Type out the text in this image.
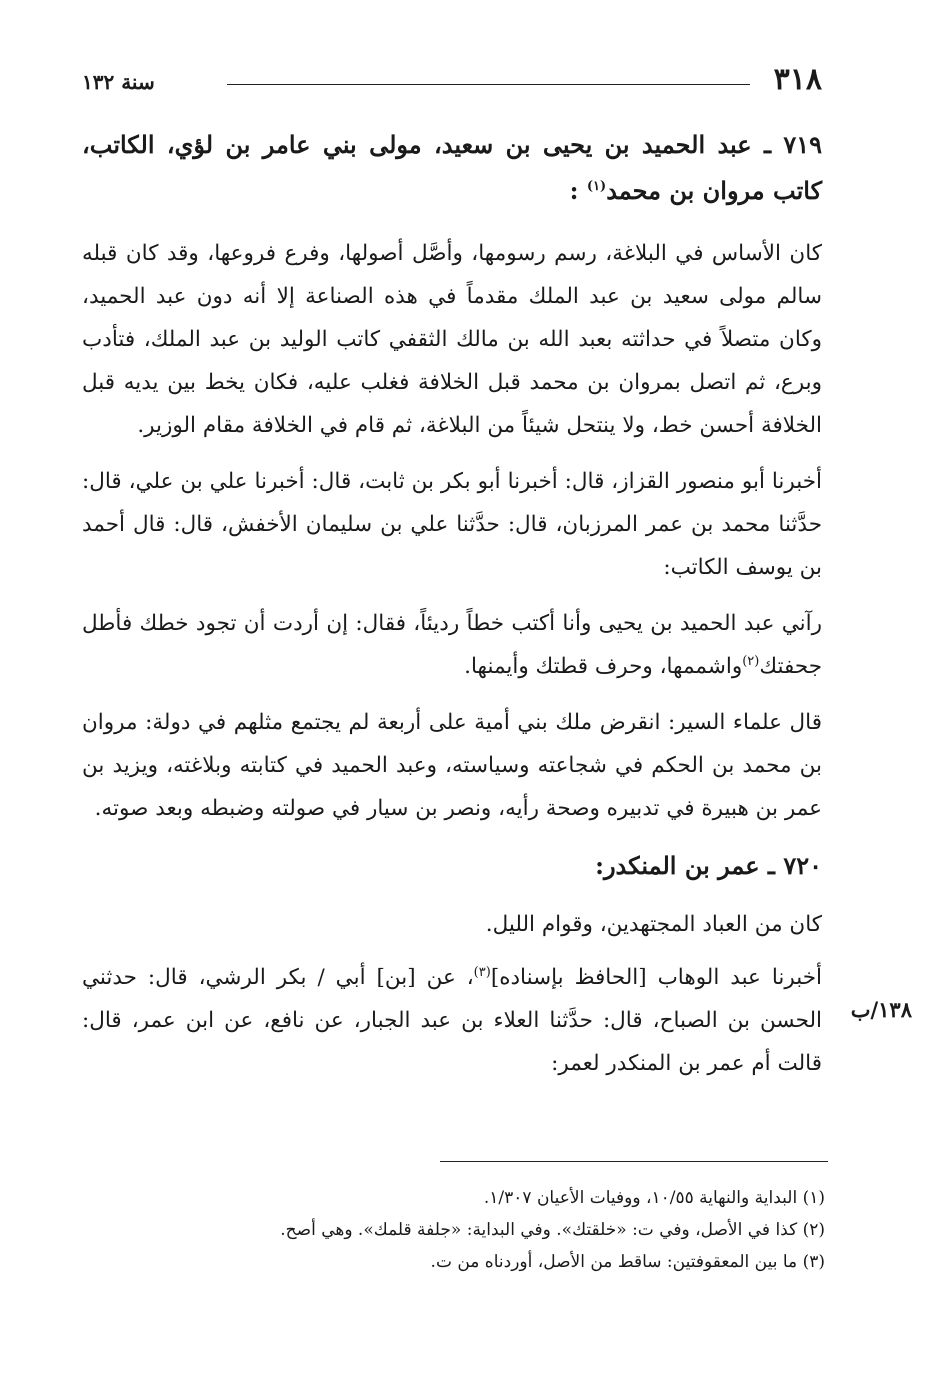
٣١٨
سنة ١٣٢

٧١٩ ـ عبد الحميد بن يحيى بن سعيد، مولى بني عامر بن لؤي، الكاتب، كاتب مروان بن محمد$^{(١)}$ :

كان الأساس في البلاغة، رسم رسومها، وأصَّل أصولها، وفرع فروعها، وقد كان قبله سالم مولى سعيد بن عبد الملك مقدماً في هذه الصناعة إلا أنه دون عبد الحميد، وكان متصلاً في حداثته بعبد الله بن مالك الثقفي كاتب الوليد بن عبد الملك، فتأدب وبرع، ثم اتصل بمروان بن محمد قبل الخلافة فغلب عليه، فكان يخط بين يديه قبل الخلافة أحسن خط، ولا ينتحل شيئاً من البلاغة، ثم قام في الخلافة مقام الوزير.

أخبرنا أبو منصور القزاز، قال: أخبرنا أبو بكر بن ثابت، قال: أخبرنا علي بن علي، قال: حدَّثنا محمد بن عمر المرزبان، قال: حدَّثنا علي بن سليمان الأخفش، قال: قال أحمد بن يوسف الكاتب:

رآني عبد الحميد بن يحيى وأنا أكتب خطاً رديئاً، فقال: إن أردت أن تجود خطك فأطل جحفتك$^{(٢)}$واشممها، وحرف قطتك وأيمنها.

قال علماء السير: انقرض ملك بني أمية على أربعة لم يجتمع مثلهم في دولة: مروان بن محمد بن الحكم في شجاعته وسياسته، وعبد الحميد في كتابته وبلاغته، ويزيد بن عمر بن هبيرة في تدبيره وصحة رأيه، ونصر بن سيار في صولته وضبطه وبعد صوته.

٧٢٠ ـ عمر بن المنكدر:

كان من العباد المجتهدين، وقوام الليل.

أخبرنا عبد الوهاب [الحافظ بإسناده]$^{(٣)}$، عن [بن] أبي / بكر الرشي، قال: حدثني الحسن بن الصباح، قال: حدَّثنا العلاء بن عبد الجبار، عن نافع، عن ابن عمر، قال: قالت أم عمر بن المنكدر لعمر:

١٣٨/ب

(١) البداية والنهاية ١٠/٥٥، ووفيات الأعيان ١/٣٠٧.

(٢) كذا في الأصل، وفي ت: «خلقتك». وفي البداية: «جلفة قلمك». وهي أصح.

(٣) ما بين المعقوفتين: ساقط من الأصل، أوردناه من ت.
